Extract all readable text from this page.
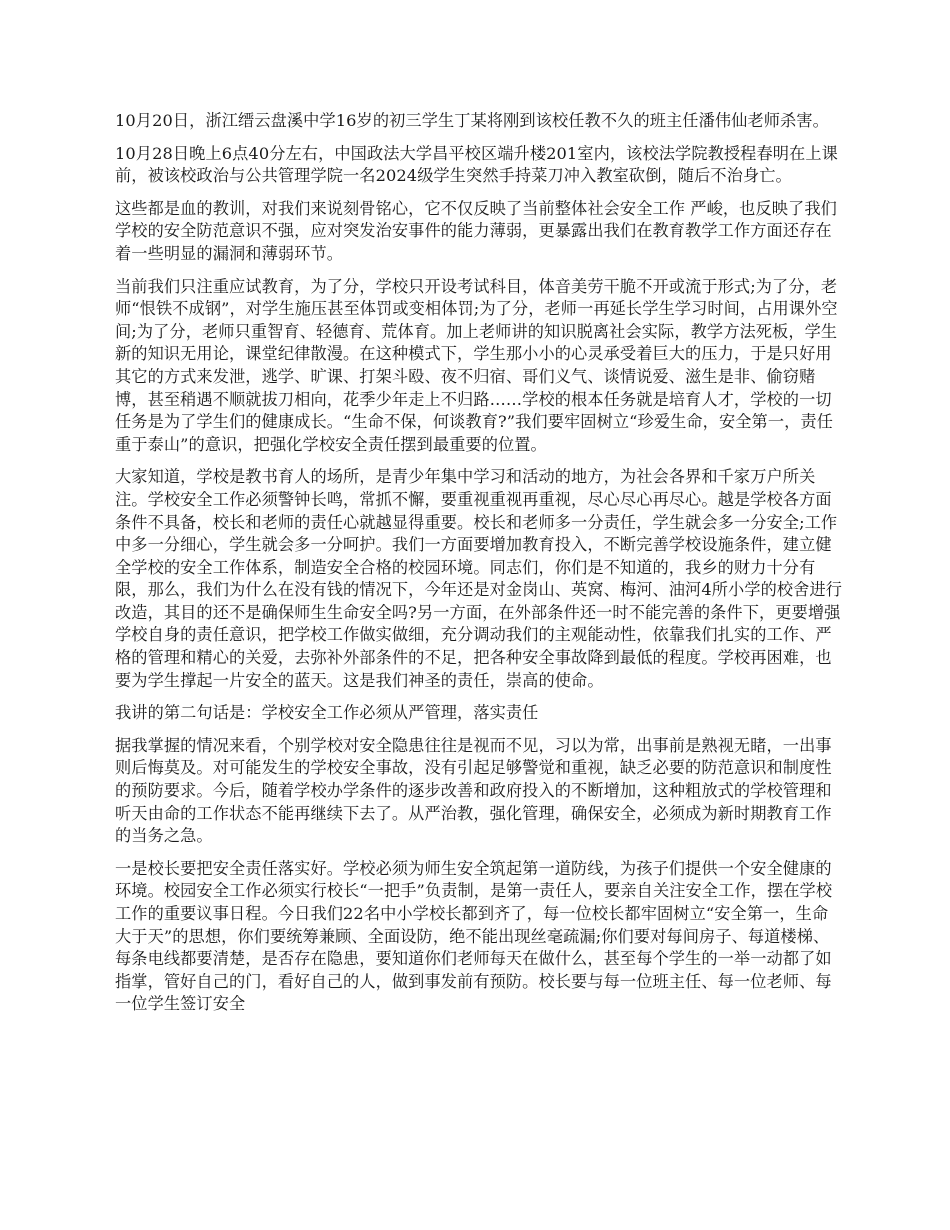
10月20日，浙江缙云盘溪中学16岁的初三学生丁某将刚到该校任教不久的班主任潘伟仙老师杀害。

10月28日晚上6点40分左右，中国政法大学昌平校区端升楼201室内，该校法学院教授程春明在上课前，被该校政治与公共管理学院一名2024级学生突然手持菜刀冲入教室砍倒，随后不治身亡。

这些都是血的教训，对我们来说刻骨铭心，它不仅反映了当前整体社会安全工作 严峻，也反映了我们学校的安全防范意识不强，应对突发治安事件的能力薄弱，更暴露出我们在教育教学工作方面还存在着一些明显的漏洞和薄弱环节。

当前我们只注重应试教育，为了分，学校只开设考试科目，体音美劳干脆不开或流于形式;为了分，老师“恨铁不成钢”，对学生施压甚至体罚或变相体罚;为了分，老师一再延长学生学习时间，占用课外空间;为了分，老师只重智育、轻德育、荒体育。加上老师讲的知识脱离社会实际，教学方法死板，学生新的知识无用论，课堂纪律散漫。在这种模式下，学生那小小的心灵承受着巨大的压力，于是只好用其它的方式来发泄，逃学、旷课、打架斗殴、夜不归宿、哥们义气、谈情说爱、滋生是非、偷窃赌博，甚至稍遇不顺就拔刀相向，花季少年走上不归路……学校的根本任务就是培育人才，学校的一切任务是为了学生们的健康成长。“生命不保，何谈教育?”我们要牢固树立“珍爱生命，安全第一，责任重于泰山”的意识，把强化学校安全责任摆到最重要的位置。

大家知道，学校是教书育人的场所，是青少年集中学习和活动的地方，为社会各界和千家万户所关注。学校安全工作必须警钟长鸣，常抓不懈，要重视重视再重视，尽心尽心再尽心。越是学校各方面条件不具备，校长和老师的责任心就越显得重要。校长和老师多一分责任，学生就会多一分安全;工作中多一分细心，学生就会多一分呵护。我们一方面要增加教育投入，不断完善学校设施条件，建立健全学校的安全工作体系，制造安全合格的校园环境。同志们，你们是不知道的，我乡的财力十分有限，那么，我们为什么在没有钱的情况下，今年还是对金岗山、英窝、梅河、油河4所小学的校舍进行改造，其目的还不是确保师生生命安全吗?另一方面，在外部条件还一时不能完善的条件下，更要增强学校自身的责任意识，把学校工作做实做细，充分调动我们的主观能动性，依靠我们扎实的工作、严格的管理和精心的关爱，去弥补外部条件的不足，把各种安全事故降到最低的程度。学校再困难，也要为学生撑起一片安全的蓝天。这是我们神圣的责任，崇高的使命。

我讲的第二句话是：学校安全工作必须从严管理，落实责任

据我掌握的情况来看，个别学校对安全隐患往往是视而不见，习以为常，出事前是熟视无睹，一出事则后悔莫及。对可能发生的学校安全事故，没有引起足够警觉和重视，缺乏必要的防范意识和制度性的预防要求。今后，随着学校办学条件的逐步改善和政府投入的不断增加，这种粗放式的学校管理和听天由命的工作状态不能再继续下去了。从严治教，强化管理，确保安全，必须成为新时期教育工作的当务之急。

一是校长要把安全责任落实好。学校必须为师生安全筑起第一道防线，为孩子们提供一个安全健康的环境。校园安全工作必须实行校长“一把手”负责制，是第一责任人，要亲自关注安全工作，摆在学校工作的重要议事日程。今日我们22名中小学校长都到齐了，每一位校长都牢固树立“安全第一，生命大于天”的思想，你们要统筹兼顾、全面设防，绝不能出现丝毫疏漏;你们要对每间房子、每道楼梯、每条电线都要清楚，是否存在隐患，要知道你们老师每天在做什么，甚至每个学生的一举一动都了如指掌，管好自己的门，看好自己的人，做到事发前有预防。校长要与每一位班主任、每一位老师、每一位学生签订安全
